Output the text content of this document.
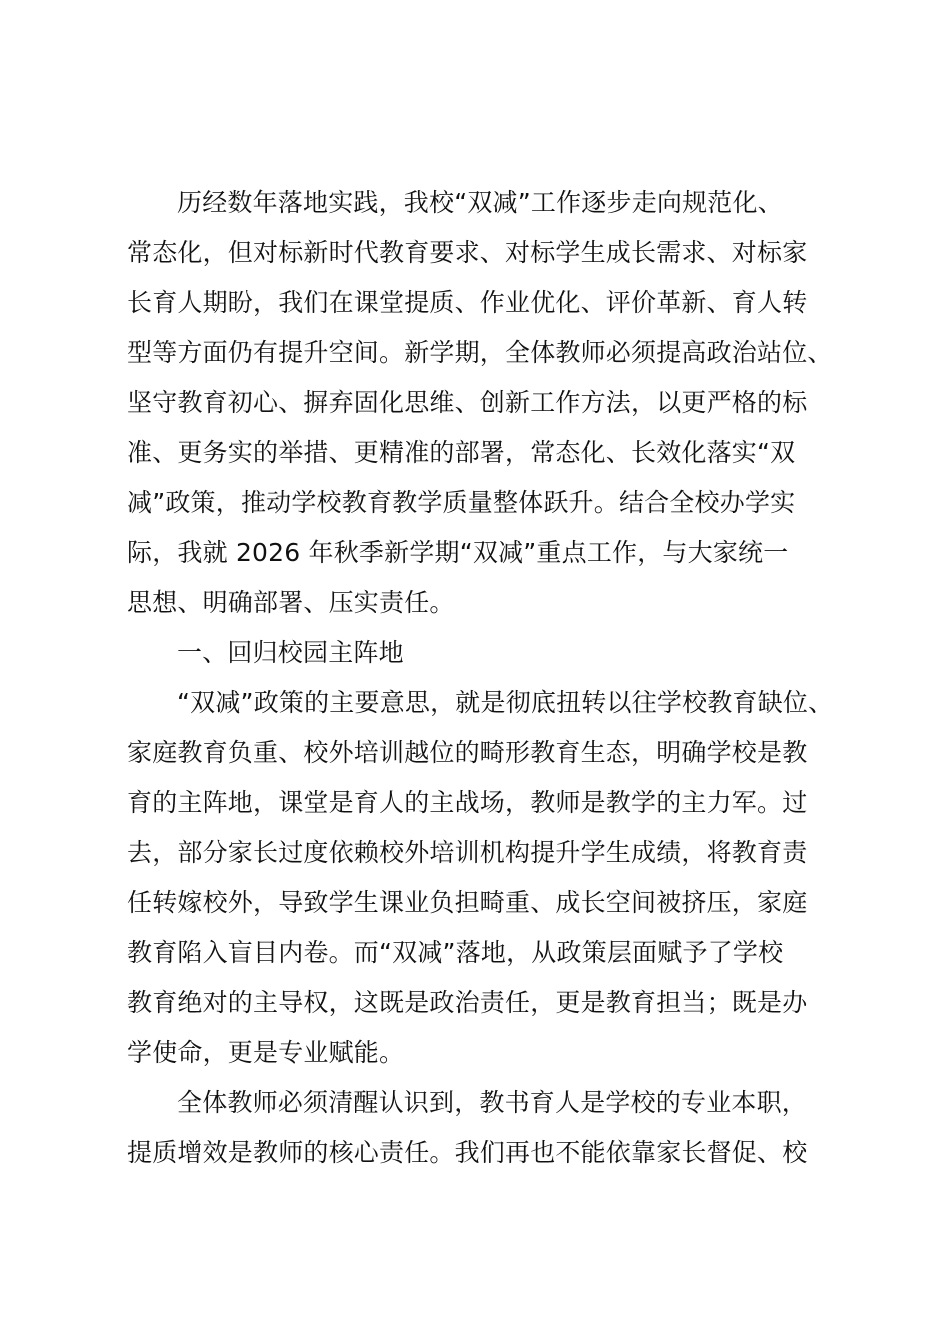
历经数年落地实践，我校“双减”工作逐步走向规范化、
常态化，但对标新时代教育要求、对标学生成长需求、对标家
长育人期盼，我们在课堂提质、作业优化、评价革新、育人转
型等方面仍有提升空间。新学期，全体教师必须提高政治站位、
坚守教育初心、摒弃固化思维、创新工作方法，以更严格的标
准、更务实的举措、更精准的部署，常态化、长效化落实“双
减”政策，推动学校教育教学质量整体跃升。结合全校办学实
际，我就 2026 年秋季新学期“双减”重点工作，与大家统一
思想、明确部署、压实责任。
一、回归校园主阵地
“双减”政策的主要意思，就是彻底扭转以往学校教育缺位、
家庭教育负重、校外培训越位的畸形教育生态，明确学校是教
育的主阵地，课堂是育人的主战场，教师是教学的主力军。过
去，部分家长过度依赖校外培训机构提升学生成绩，将教育责
任转嫁校外，导致学生课业负担畸重、成长空间被挤压，家庭
教育陷入盲目内卷。而“双减”落地，从政策层面赋予了学校
教育绝对的主导权，这既是政治责任，更是教育担当；既是办
学使命，更是专业赋能。
全体教师必须清醒认识到，教书育人是学校的专业本职，
提质增效是教师的核心责任。我们再也不能依靠家长督促、校
